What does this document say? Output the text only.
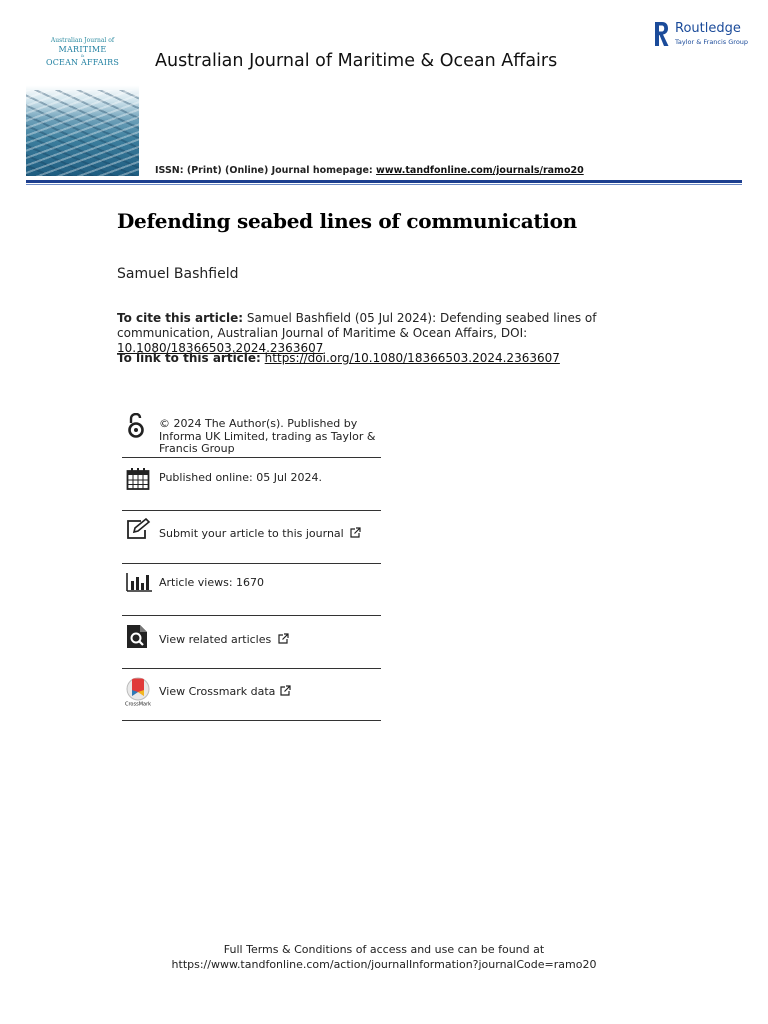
Australian Journal of
MARITIME
&
OCEAN AFFAIRS	Australian Journal of Maritime & Ocean Affairs
Routledge
Taylor & Francis Group
ISSN: (Print) (Online) Journal homepage: www.tandfonline.com/journals/ramo20
Defending seabed lines of communication
Samuel Bashfield
To cite this article: Samuel Bashfield (05 Jul 2024): Defending seabed lines of communication, Australian Journal of Maritime & Ocean Affairs, DOI: 10.1080/18366503.2024.2363607
To link to this article: https://doi.org/10.1080/18366503.2024.2363607
© 2024 The Author(s). Published by Informa UK Limited, trading as Taylor & Francis Group
Published online: 05 Jul 2024.
Submit your article to this journal
Article views: 1670
View related articles
CrossMark
View Crossmark data
Full Terms & Conditions of access and use can be found at
https://www.tandfonline.com/action/journalInformation?journalCode=ramo20
